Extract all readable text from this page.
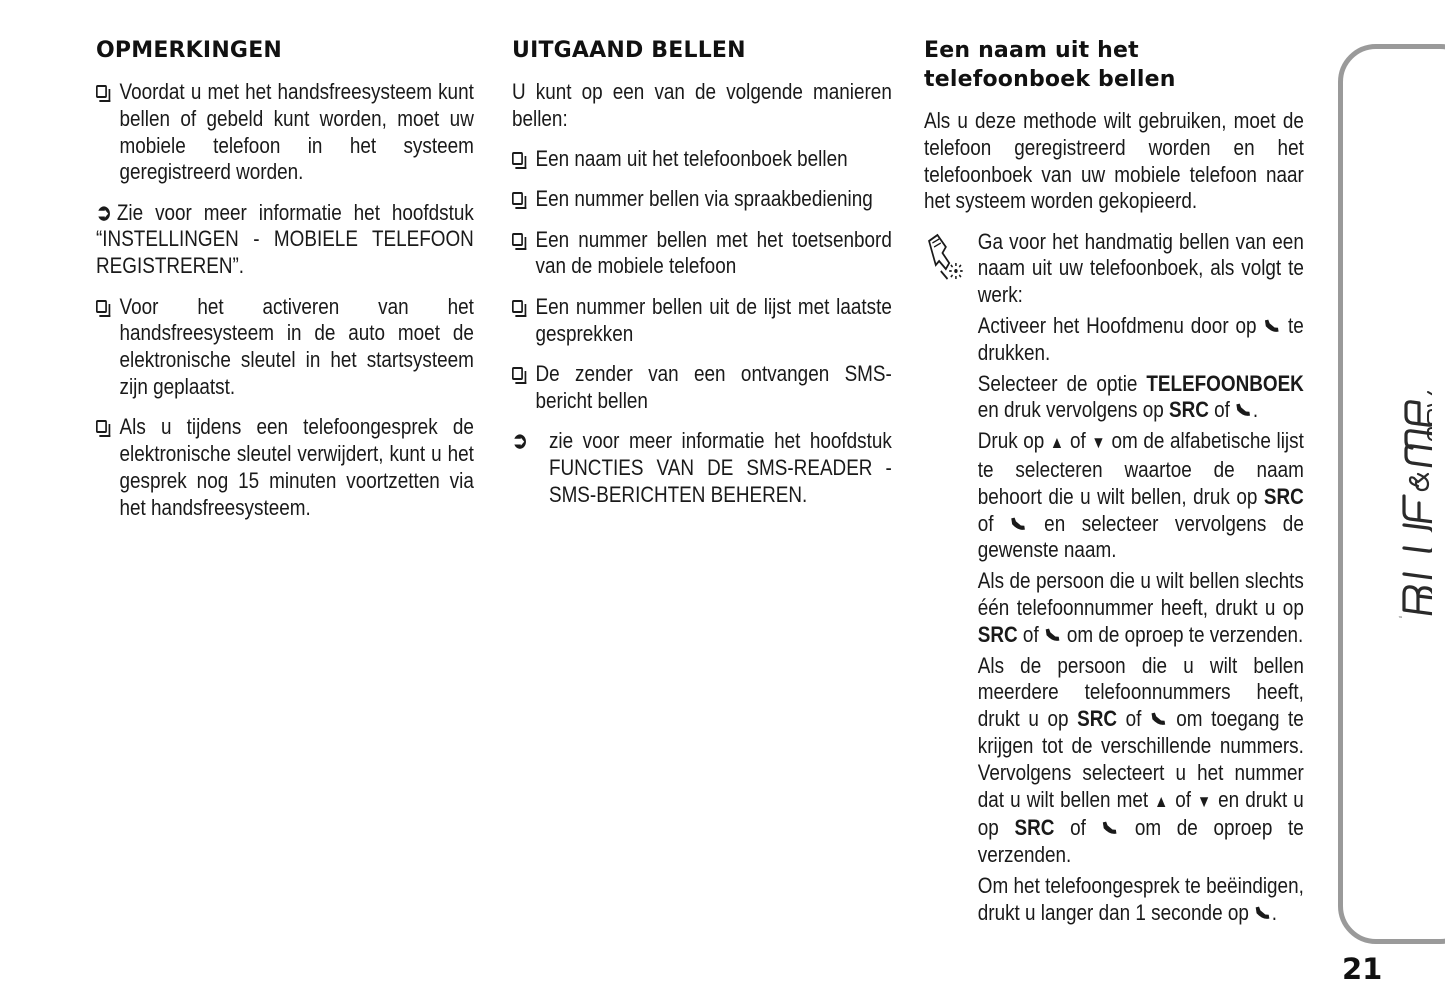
OPMERKINGEN
Voordat u met het handsfreesysteem kunt bellen of gebeld kunt worden, moet uw mobiele telefoon in het systeem geregistreerd worden.
➲ Zie voor meer informatie het hoofdstuk “INSTELLINGEN - MOBIELE TELEFOON REGISTREREN”.
Voor het activeren van het handsfreesysteem in de auto moet de elektronische sleutel in het startsysteem zijn geplaatst.
Als u tijdens een telefoongesprek de elektronische sleutel verwijdert, kunt u het gesprek nog 15 minuten voortzetten via het handsfreesysteem.
UITGAAND BELLEN

U kunt op een van de volgende manieren bellen:

Een naam uit het telefoonboek bellen
Een nummer bellen via spraakbediening
Een nummer bellen met het toetsenbord van de mobiele telefoon
Een nummer bellen uit de lijst met laatste gesprekken
De zender van een ontvangen SMS-bericht bellen
➲ zie voor meer informatie het hoofdstuk FUNCTIES VAN DE SMS-READER - SMS-BERICHTEN BEHEREN.
Een naam uit het telefoonboek bellen

Als u deze methode wilt gebruiken, moet de telefoon geregistreerd worden en het telefoonboek van uw mobiele telefoon naar het systeem worden gekopieerd.

Ga voor het handmatig bellen van een naam uit uw telefoonboek, als volgt te werk:

Activeer het Hoofdmenu door op te drukken.

Selecteer de optie TELEFOONBOEK en druk vervolgens op SRC of .

Druk op ▲ of ▼ om de alfabetische lijst te selecteren waartoe de naam behoort die u wilt bellen, druk op SRC of en selecteer vervolgens de gewenste naam.

Als de persoon die u wilt bellen slechts één telefoonnummer heeft, drukt u op SRC of om de oproep te verzenden.

Als de persoon die u wilt bellen meerdere telefoonnummers heeft, drukt u op SRC of om toegang te krijgen tot de verschillende nummers. Vervolgens selecteert u het nummer dat u wilt bellen met ▲ of ▼ en drukt u op SRC of om de oproep te verzenden.

Om het telefoongesprek te beëindigen, drukt u langer dan 1 seconde op .

™
21
